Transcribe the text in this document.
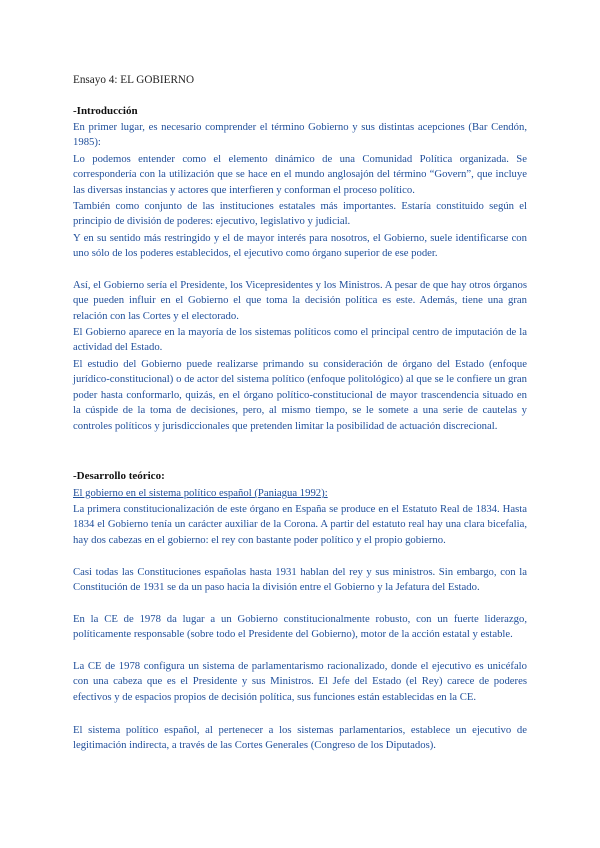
Ensayo 4: EL GOBIERNO
-Introducción
En primer lugar, es necesario comprender el término Gobierno y sus distintas acepciones (Bar Cendón, 1985):
Lo podemos entender como el elemento dinámico de una Comunidad Política organizada. Se correspondería con la utilización que se hace en el mundo anglosajón del término “Govern”, que incluye las diversas instancias y actores que interfieren y conforman el proceso político.
También como conjunto de las instituciones estatales más importantes. Estaría constituido según el principio de división de poderes: ejecutivo, legislativo y judicial.
Y en su sentido más restringido y el de mayor interés para nosotros, el Gobierno, suele identificarse con uno sólo de los poderes establecidos, el ejecutivo como órgano superior de ese poder.
Así, el Gobierno sería el Presidente, los Vicepresidentes y los Ministros. A pesar de que hay otros órganos que pueden influir en el Gobierno el que toma la decisión política es este. Además, tiene una gran relación con las Cortes y el electorado.
El Gobierno aparece en la mayoría de los sistemas políticos como el principal centro de imputación de la actividad del Estado.
El estudio del Gobierno puede realizarse primando su consideración de órgano del Estado (enfoque jurídico-constitucional) o de actor del sistema político (enfoque politológico) al que se le confiere un gran poder hasta conformarlo, quizás, en el órgano político-constitucional de mayor trascendencia situado en la cúspide de la toma de decisiones, pero, al mismo tiempo, se le somete a una serie de cautelas y controles políticos y jurisdiccionales que pretenden limitar la posibilidad de actuación discrecional.
-Desarrollo teórico:
El gobierno en el sistema político español (Paniagua 1992):
La primera constitucionalización de este órgano en España se produce en el Estatuto Real de 1834. Hasta 1834 el Gobierno tenía un carácter auxiliar de la Corona. A partir del estatuto real hay una clara bicefalia, hay dos cabezas en el gobierno: el rey con bastante poder político y el propio gobierno.
Casi todas las Constituciones españolas hasta 1931 hablan del rey y sus ministros. Sin embargo, con la Constitución de 1931 se da un paso hacia la división entre el Gobierno y la Jefatura del Estado.
En la CE de 1978 da lugar a un Gobierno constitucionalmente robusto, con un fuerte liderazgo, políticamente responsable (sobre todo el Presidente del Gobierno), motor de la acción estatal y estable.
La CE de 1978 configura un sistema de parlamentarismo racionalizado, donde el ejecutivo es unicéfalo con una cabeza que es el Presidente y sus Ministros. El Jefe del Estado (el Rey) carece de poderes efectivos y de espacios propios de decisión política, sus funciones están establecidas en la CE.
El sistema político español, al pertenecer a los sistemas parlamentarios, establece un ejecutivo de legitimación indirecta, a través de las Cortes Generales (Congreso de los Diputados).
